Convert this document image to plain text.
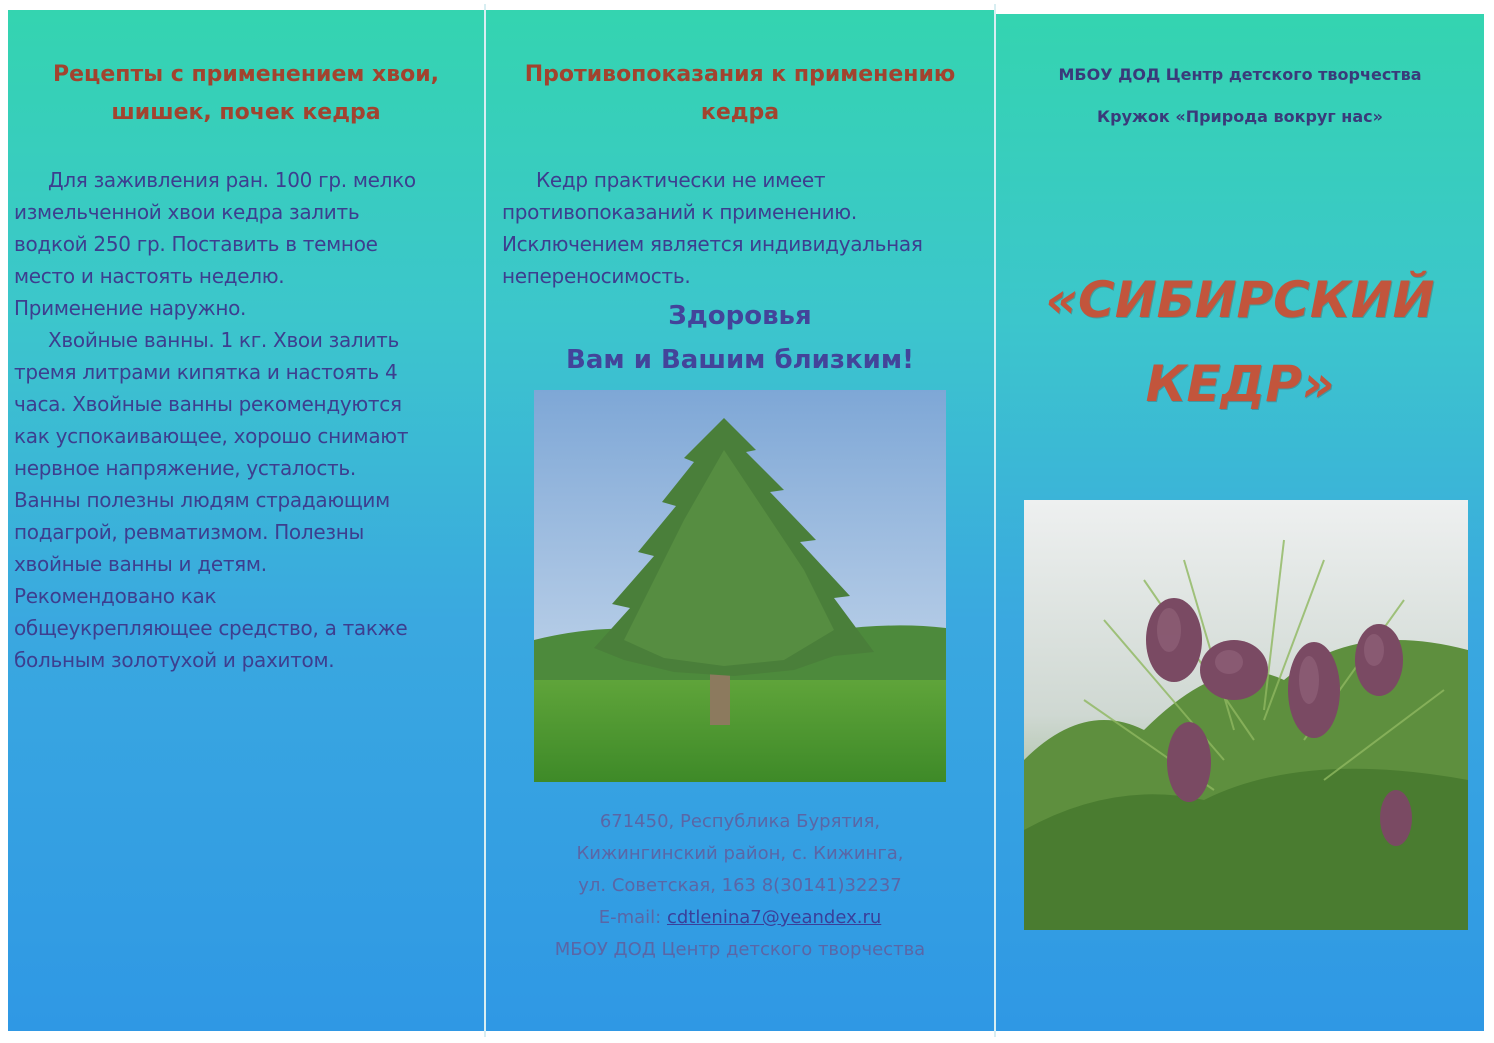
Рецепты с применением хвои,

шишек, почек кедра

Для заживления ран. 100 гр. мелко

измельченной хвои кедра залить

водкой 250 гр. Поставить в темное

место и настоять неделю.

Применение наружно.

Хвойные ванны. 1 кг. Хвои залить

тремя литрами кипятка и настоять 4

часа. Хвойные ванны рекомендуются

как успокаивающее, хорошо снимают

нервное напряжение, усталость.

Ванны полезны людям страдающим

подагрой, ревматизмом. Полезны

хвойные ванны и детям.

Рекомендовано как

общеукрепляющее средство, а также

больным золотухой и рахитом.

Противопоказания к применению

кедра

Кедр практически не имеет

противопоказаний к применению.

Исключением является индивидуальная

непереносимость.

Здоровья

Вам и Вашим близким!

671450, Республика Бурятия,

Кижингинский район, с. Кижинга,

ул. Советская, 163 8(30141)32237

E-mail: cdtlenina7@yeandex.ru

МБОУ ДОД Центр детского творчества

МБОУ ДОД Центр детского творчества

Кружок «Природа вокруг нас»

«СИБИРСКИЙ

КЕДР»
